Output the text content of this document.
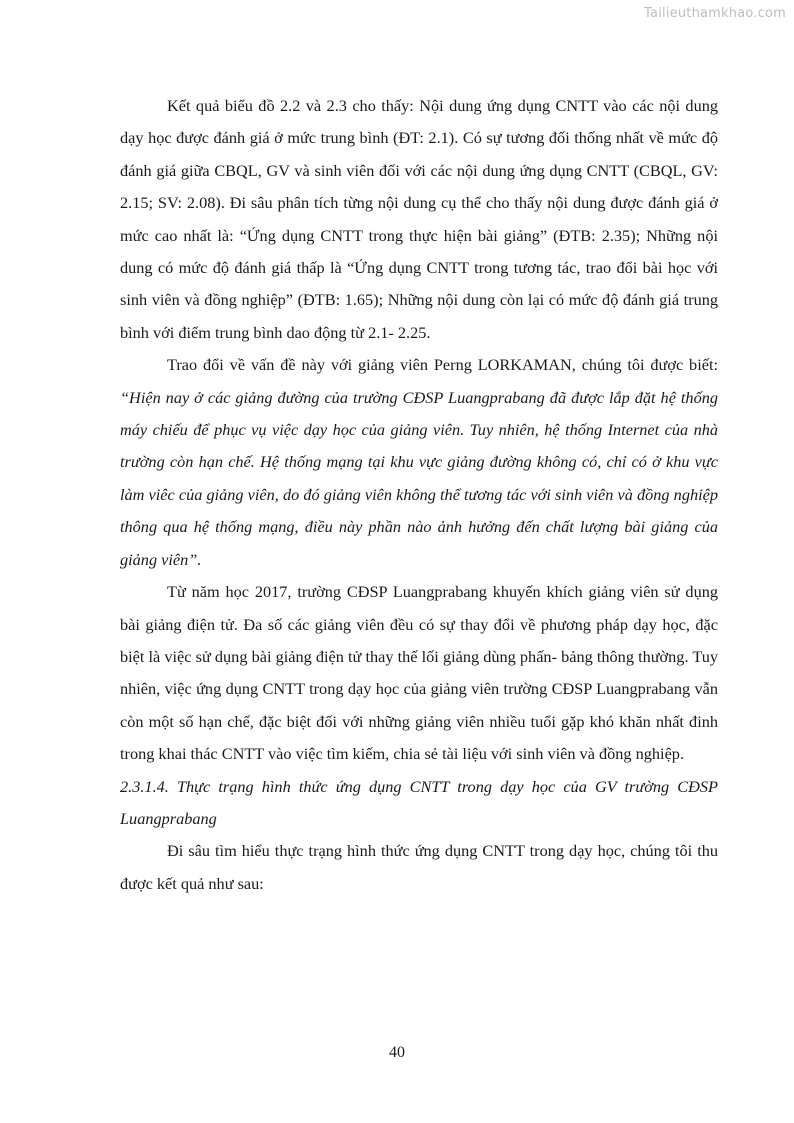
Tailieuthamkhao.com

Kết quả biểu đồ 2.2 và 2.3 cho thấy: Nội dung ứng dụng CNTT vào các nội dung dạy học được đánh giá ở mức trung bình (ĐT: 2.1). Có sự tương đối thống nhất về mức độ đánh giá giữa CBQL, GV và sinh viên đối với các nội dung ứng dụng CNTT (CBQL, GV: 2.15; SV: 2.08). Đi sâu phân tích từng nội dung cụ thể cho thấy nội dung được đánh giá ở mức cao nhất là: “Ứng dụng CNTT trong thực hiện bài giảng” (ĐTB: 2.35); Những nội dung có mức độ đánh giá thấp là “Ứng dụng CNTT trong tương tác, trao đổi bài học với sinh viên và đồng nghiệp” (ĐTB: 1.65); Những nội dung còn lại có mức độ đánh giá trung bình với điểm trung bình dao động từ 2.1- 2.25.

Trao đổi về vấn đề này với giảng viên Perng LORKAMAN, chúng tôi được biết: “Hiện nay ở các giảng đường của trường CĐSP Luangprabang đã được lắp đặt hệ thống máy chiếu để phục vụ việc dạy học của giảng viên. Tuy nhiên, hệ thống Internet của nhà trường còn hạn chế. Hệ thống mạng tại khu vực giảng đường không có, chỉ có ở khu vực làm viêc của giảng viên, do đó giảng viên không thể tương tác với sinh viên và đồng nghiệp thông qua hệ thống mạng, điều này phần nào ảnh hưởng đến chất lượng bài giảng của giảng viên”.

Từ năm học 2017, trường CĐSP Luangprabang khuyến khích giảng viên sử dụng bài giảng điện tử. Đa số các giảng viên đều có sự thay đổi về phương pháp dạy học, đặc biệt là việc sử dụng bài giảng điện tử thay thế lối giảng dùng phấn- bảng thông thường. Tuy nhiên, việc ứng dụng CNTT trong dạy học của giảng viên trường CĐSP Luangprabang vẫn còn một số hạn chế, đặc biệt đối với những giảng viên nhiều tuổi gặp khó khăn nhất đinh trong khai thác CNTT vào việc tìm kiếm, chia sẻ tài liệu với sinh viên và đồng nghiệp.

2.3.1.4. Thực trạng hình thức ứng dụng CNTT trong dạy học của GV trường CĐSP Luangprabang

Đi sâu tìm hiểu thực trạng hình thức ứng dụng CNTT trong dạy học, chúng tôi thu được kết quả như sau:

40
